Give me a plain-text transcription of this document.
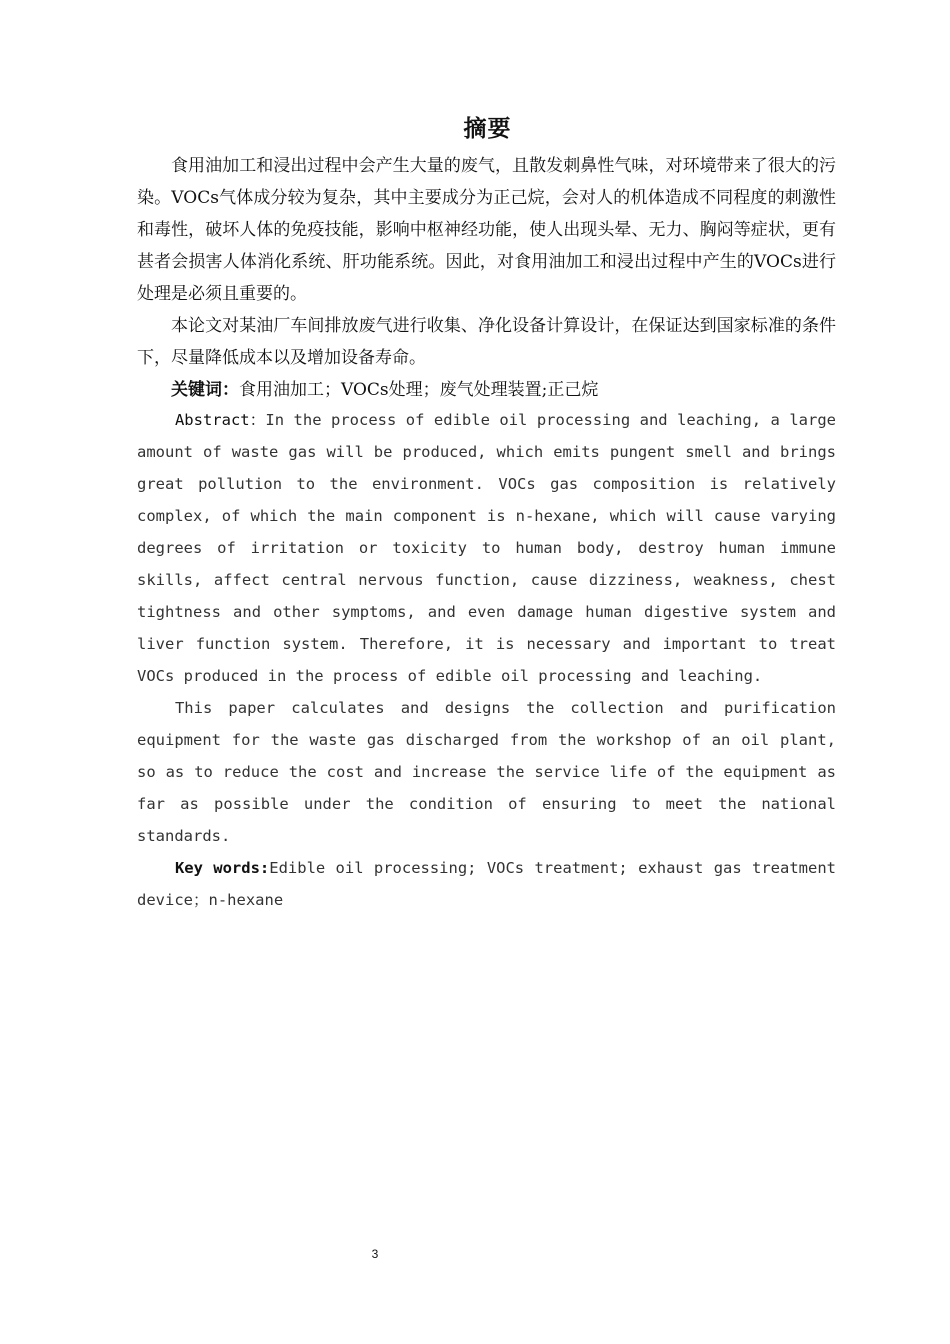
摘要

食用油加工和浸出过程中会产生大量的废气，且散发刺鼻性气味，对环境带来了很大的污染。VOCs气体成分较为复杂，其中主要成分为正己烷，会对人的机体造成不同程度的刺激性和毒性，破坏人体的免疫技能，影响中枢神经功能，使人出现头晕、无力、胸闷等症状，更有甚者会损害人体消化系统、肝功能系统。因此，对食用油加工和浸出过程中产生的VOCs进行处理是必须且重要的。

本论文对某油厂车间排放废气进行收集、净化设备计算设计，在保证达到国家标准的条件下，尽量降低成本以及增加设备寿命。

关键词：食用油加工；VOCs处理；废气处理装置;正己烷

Abstract：In the process of edible oil processing and leaching, a large amount of waste gas will be produced, which emits pungent smell and brings great pollution to the environment. VOCs gas composition is relatively complex, of which the main component is n-hexane, which will cause varying degrees of irritation or toxicity to human body, destroy human immune skills, affect central nervous function, cause dizziness, weakness, chest tightness and other symptoms, and even damage human digestive system and liver function system. Therefore, it is necessary and important to treat VOCs produced in the process of edible oil processing and leaching.

This paper calculates and designs the collection and purification equipment for the waste gas discharged from the workshop of an oil plant, so as to reduce the cost and increase the service life of the equipment as far as possible under the condition of ensuring to meet the national standards.

Key words:Edible oil processing; VOCs treatment; exhaust gas treatment device；n-hexane

3
